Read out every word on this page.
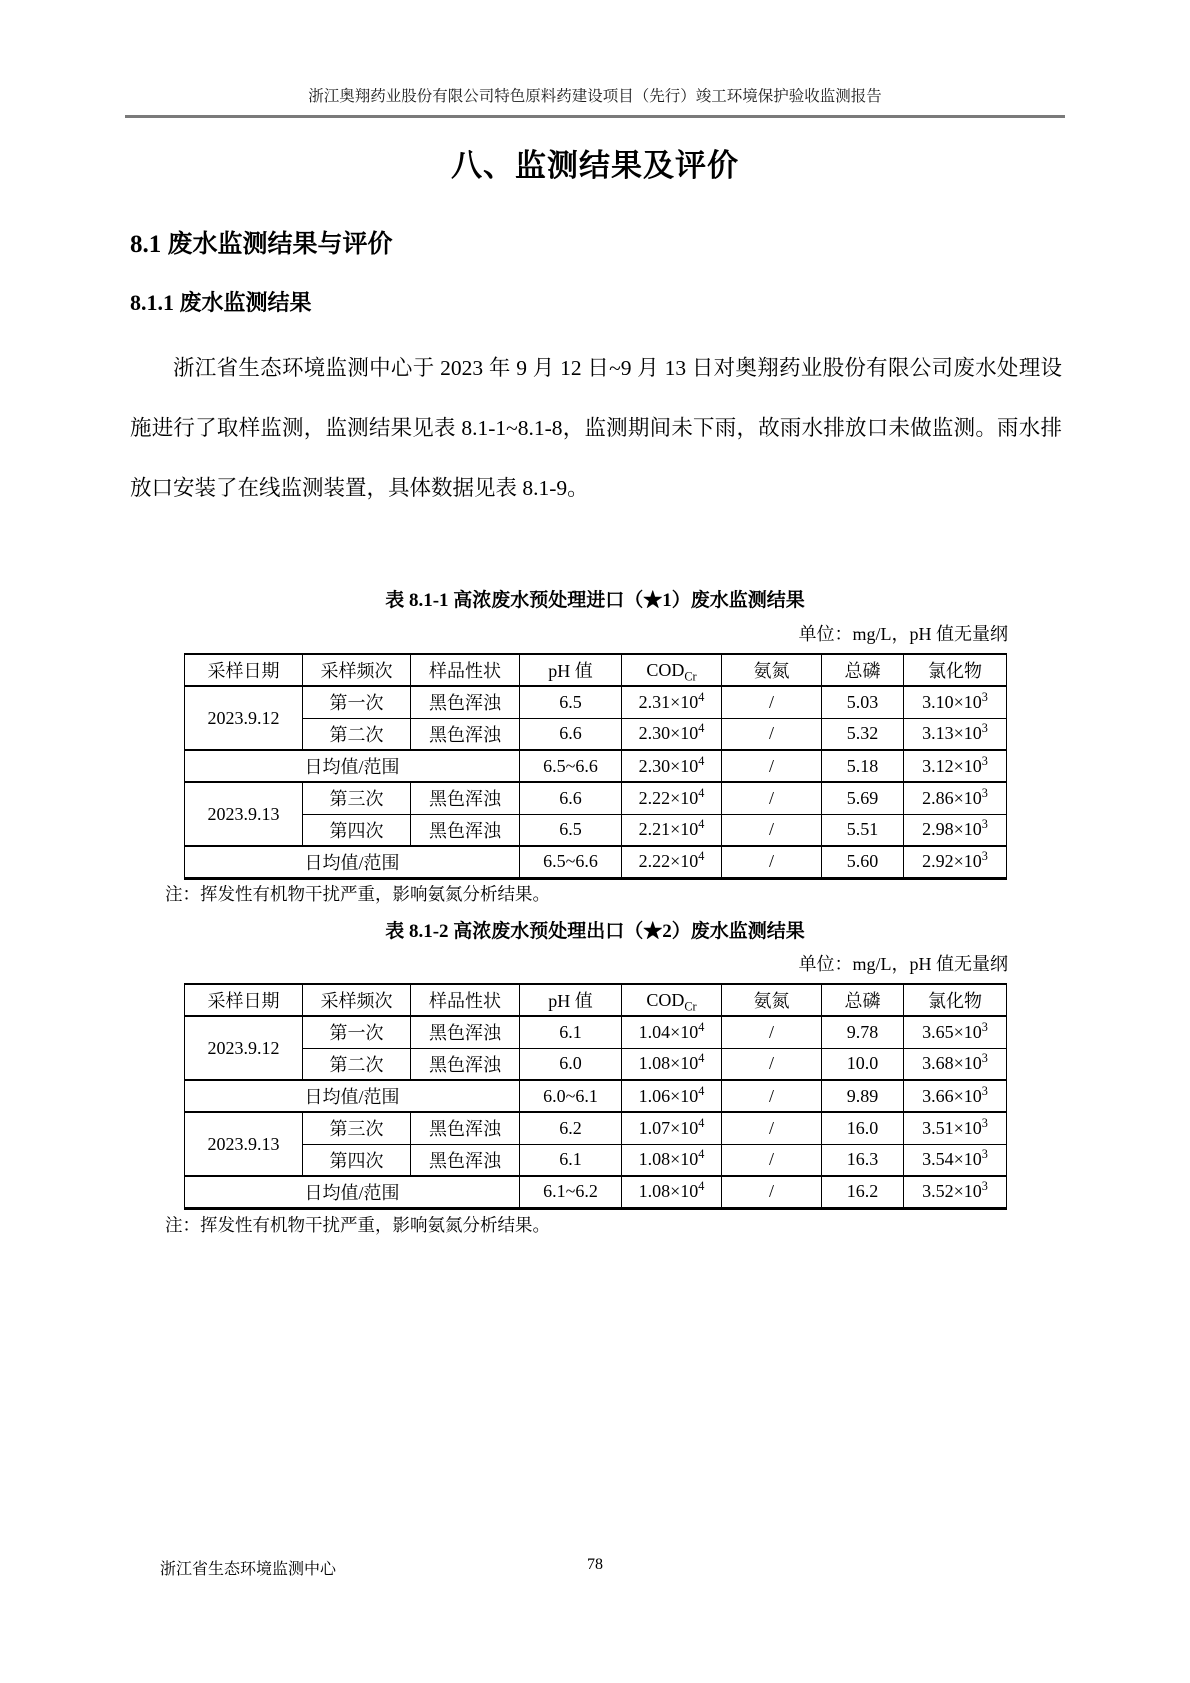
浙江奥翔药业股份有限公司特色原料药建设项目（先行）竣工环境保护验收监测报告
八、监测结果及评价
8.1 废水监测结果与评价
8.1.1 废水监测结果
浙江省生态环境监测中心于 2023 年 9 月 12 日~9 月 13 日对奥翔药业股份有限公司废水处理设施进行了取样监测，监测结果见表 8.1-1~8.1-8，监测期间未下雨，故雨水排放口未做监测。雨水排放口安装了在线监测装置，具体数据见表 8.1-9。
表 8.1-1 高浓废水预处理进口（★1）废水监测结果
单位：mg/L，pH 值无量纲
采样日期	采样频次	样品性状	pH 值	$COD_{Cr}$	氨氮	总磷	氯化物
2023.9.12	第一次	黑色浑浊	6.5	$2.31\times 10^4$	/	5.03	$3.10\times 10^3$
	第二次	黑色浑浊	6.6	$2.30\times 10^4$	/	5.32	$3.13\times 10^3$
日均值/范围			6.5~6.6	$2.30\times 10^4$	/	5.18	$3.12\times 10^3$
2023.9.13	第三次	黑色浑浊	6.6	$2.22\times 10^4$	/	5.69	$2.86\times 10^3$
	第四次	黑色浑浊	6.5	$2.21\times 10^4$	/	5.51	$2.98\times 10^3$
日均值/范围			6.5~6.6	$2.22\times 10^4$	/	5.60	$2.92\times 10^3$
注：挥发性有机物干扰严重，影响氨氮分析结果。
表 8.1-2 高浓废水预处理出口（★2）废水监测结果
单位：mg/L，pH 值无量纲
采样日期	采样频次	样品性状	pH 值	$COD_{Cr}$	氨氮	总磷	氯化物
2023.9.12	第一次	黑色浑浊	6.1	$1.04\times 10^4$	/	9.78	$3.65\times 10^3$
	第二次	黑色浑浊	6.0	$1.08\times 10^4$	/	10.0	$3.68\times 10^3$
日均值/范围			6.0~6.1	$1.06\times 10^4$	/	9.89	$3.66\times 10^3$
2023.9.13	第三次	黑色浑浊	6.2	$1.07\times 10^4$	/	16.0	$3.51\times 10^3$
	第四次	黑色浑浊	6.1	$1.08\times 10^4$	/	16.3	$3.54\times 10^3$
日均值/范围			6.1~6.2	$1.08\times 10^4$	/	16.2	$3.52\times 10^3$
注：挥发性有机物干扰严重，影响氨氮分析结果。
浙江省生态环境监测中心	78
